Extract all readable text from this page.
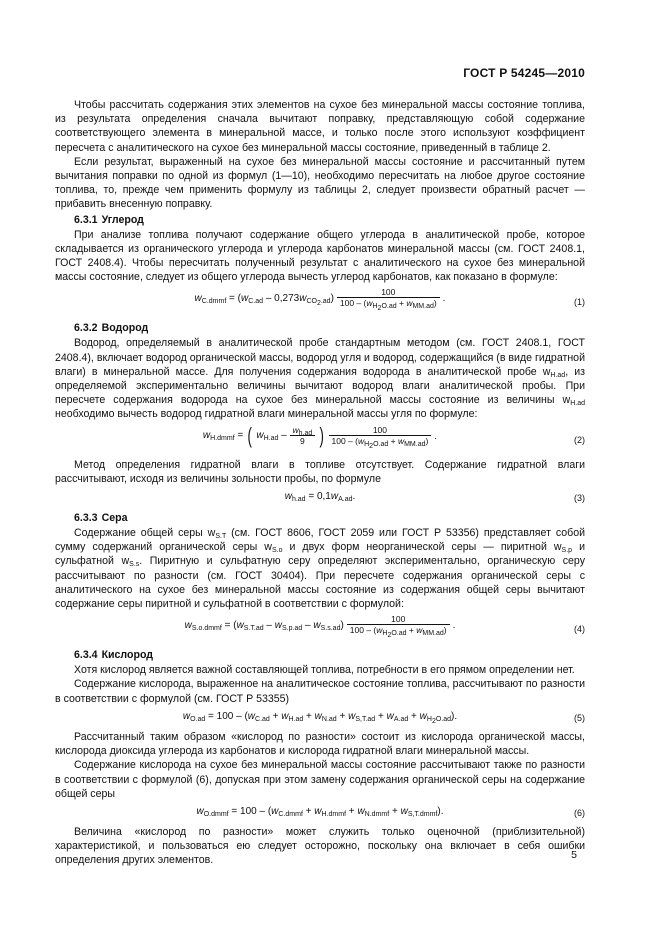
ГОСТ Р 54245—2010

Чтобы рассчитать содержания этих элементов на сухое без минеральной массы состояние топлива, из результата определения сначала вычитают поправку, представляющую собой содержание соответствующего элемента в минеральной массе, и только после этого используют коэффициент пересчета с аналитического на сухое без минеральной массы состояние, приведенный в таблице 2.

Если результат, выраженный на сухое без минеральной массы состояние и рассчитанный путем вычитания поправки по одной из формул (1—10), необходимо пересчитать на любое другое состояние топлива, то, прежде чем применить формулу из таблицы 2, следует произвести обратный расчет — прибавить внесенную поправку.

6.3.1 Углерод

При анализе топлива получают содержание общего углерода в аналитической пробе, которое складывается из органического углерода и углерода карбонатов минеральной массы (см. ГОСТ 2408.1, ГОСТ 2408.4). Чтобы пересчитать полученный результат с аналитического на сухое без минеральной массы состояние, следует из общего углерода вычесть углерод карбонатов, как показано в формуле:

$w_{C.dmmf} = (w_{C.ad} - 0,273w_{CO_2.ad}) \frac{100}{100 - (w_{H_2O.ad} + w_{MM.ad})}$ .	(1)
6.3.2 Водород

Водород, определяемый в аналитической пробе стандартным методом (см. ГОСТ 2408.1, ГОСТ 2408.4), включает водород органической массы, водород угля и водород, содержащийся (в виде гидратной влаги) в минеральной массе. Для получения содержания водорода в аналитической пробе $w_{H.ad}$, из определяемой экспериментально величины вычитают водород влаги аналитической пробы. При пересчете содержания водорода на сухое без минеральной массы состояние из величины $w_{H.ad}$ необходимо вычесть водород гидратной влаги минеральной массы угля по формуле:

$w_{H.dmmf}$ = ( $w_{H.ad} - \frac{w_{h.ad}}{9}$ ) $\frac{100}{100 - (w_{H_2O.ad} + w_{MM.ad})}$ .	(2)

Метод определения гидратной влаги в топливе отсутствует. Содержание гидратной влаги рассчитывают, исходя из величины зольности пробы, по формуле

$w_{h.ad} = 0,1w_{A.ad}$.	(3)
6.3.3 Сера

Содержание общей серы $w_{S.T}$ (см. ГОСТ 8606, ГОСТ 2059 или ГОСТ Р 53356) представляет собой сумму содержаний органической серы $w_{S.o}$ и двух форм неорганической серы — пиритной $w_{S.p}$ и сульфатной $w_{S.s}$. Пиритную и сульфатную серу определяют экспериментально, органическую серу рассчитывают по разности (см. ГОСТ 30404). При пересчете содержания органической серы с аналитического на сухое без минеральной массы состояние из содержания общей серы вычитают содержание серы пиритной и сульфатной в соответствии с формулой:

$w_{S.o.dmmf} = (w_{S.T.ad} - w_{S.p.ad} - w_{S.s.ad}) \frac{100}{100 - (w_{H_2O.ad} + w_{MM.ad})}$ .	(4)
6.3.4 Кислород

Хотя кислород является важной составляющей топлива, потребности в его прямом определении нет.

Содержание кислорода, выраженное на аналитическое состояние топлива, рассчитывают по разности в соответствии с формулой (см. ГОСТ Р 53355)

$w_{O.ad} = 100 - (w_{C.ad} + w_{H.ad} + w_{N.ad} + w_{S,T.ad} + w_{A.ad} + w_{H_2O.ad})$.	(5)

Рассчитанный таким образом «кислород по разности» состоит из кислорода органической массы, кислорода диоксида углерода из карбонатов и кислорода гидратной влаги минеральной массы.

Содержание кислорода на сухое без минеральной массы состояние рассчитывают также по разности в соответствии с формулой (6), допуская при этом замену содержания органической серы на содержание общей серы

$w_{O.dmmf} = 100 - (w_{C.dmmf} + w_{H.dmmf} + w_{N.dmmf} + w_{S,T.dmmf})$.	(6)

Величина «кислород по разности» может служить только оценочной (приблизительной) характеристикой, и пользоваться ею следует осторожно, поскольку она включает в себя ошибки определения других элементов.	5
